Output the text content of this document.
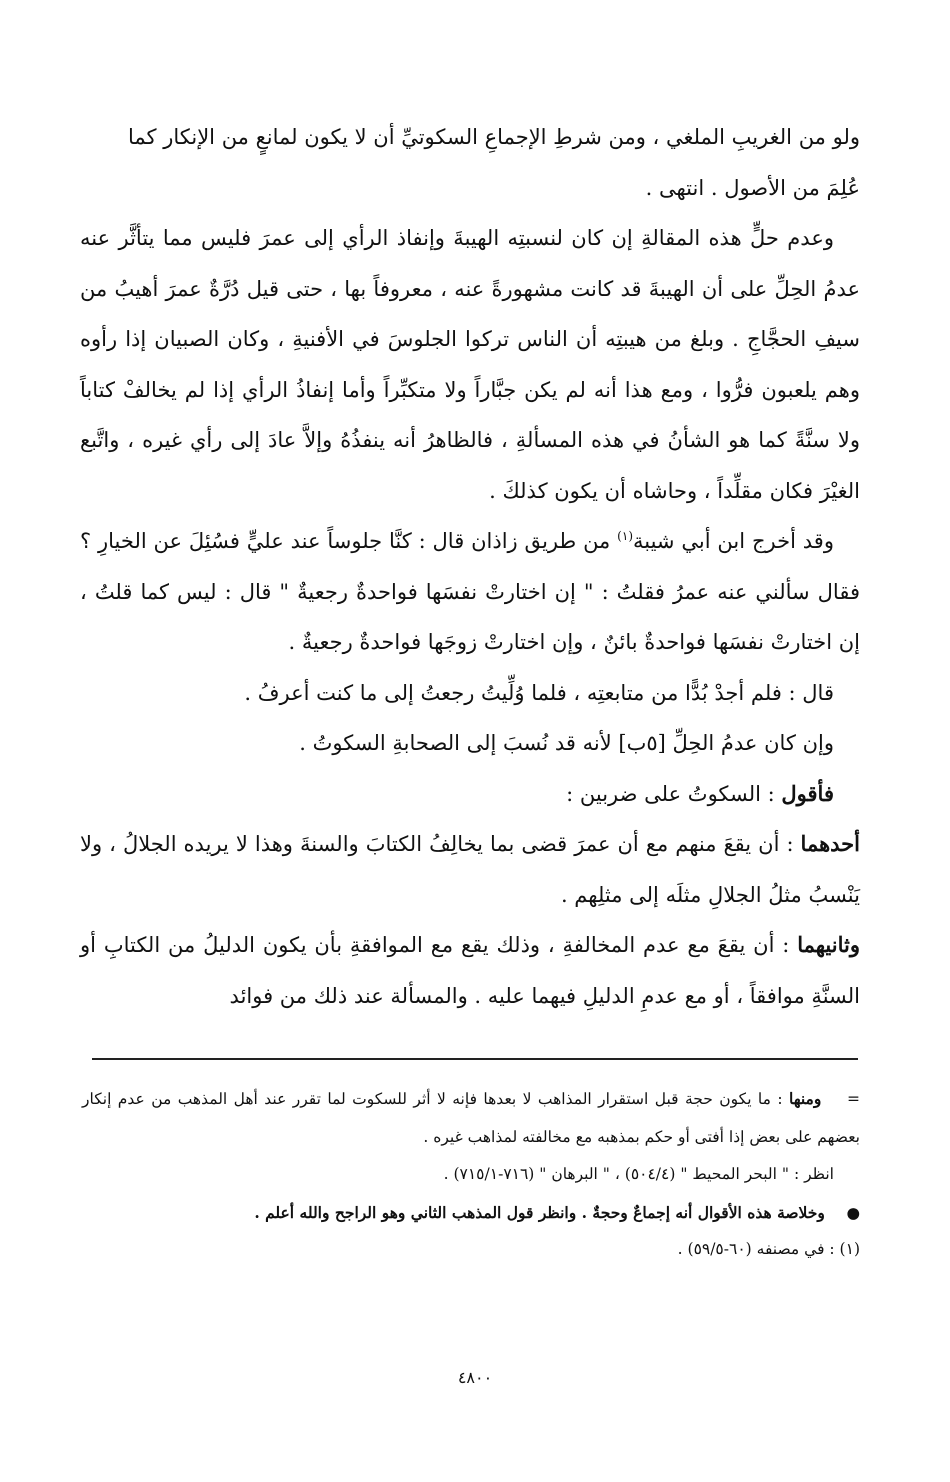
ولو من الغريبِ الملغي ، ومن شرطِ الإجماعِ السكوتيِّ أن لا يكون لمانعٍ من الإنكار كما
عُلِمَ من الأصول . انتهى .

وعدم حلٍّ هذه المقالةِ إن كان لنسبتِه الهيبةَ وإنفاذ الرأي إلى عمرَ فليس مما يتأثَّر عنه عدمُ الحِلِّ على أن الهيبةَ قد كانت مشهورةً عنه ، معروفاً بها ، حتى قيل دُرَّةٌ عمرَ أهيبُ من سيفِ الحجَّاجِ . وبلغ من هيبتِه أن الناس تركوا الجلوسَ في الأفنيةِ ، وكان الصبيان إذا رأوه وهم يلعبون فرُّوا ، ومع هذا أنه لم يكن جبَّاراً ولا متكبِّراً وأما إنفاذُ الرأي إذا لم يخالفْ كتاباً ولا سنَّةً كما هو الشأنُ في هذه المسألةِ ، فالظاهرُ أنه ينفذُهُ وإلاَّ عادَ إلى رأي غيره ، واتَّبع الغيْرَ فكان مقلِّداً ، وحاشاه أن يكون كذلكَ .

وقد أخرج ابن أبي شيبة$^{(١)}$ من طريق زاذان قال : كنَّا جلوساً عند عليٍّ فسُئِلَ عن الخيارِ ؟ فقال سألني عنه عمرُ فقلتُ : " إن اختارتْ نفسَها فواحدةٌ رجعيةٌ " قال : ليس كما قلتُ ، إن اختارتْ نفسَها فواحدةٌ بائنٌ ، وإن اختارتْ زوجَها فواحدةٌ رجعيةٌ .

قال : فلم أجدْ بُدًّا من متابعتِه ، فلما وُلِّيتُ رجعتُ إلى ما كنت أعرفُ .

وإن كان عدمُ الحِلِّ [٥ب] لأنه قد نُسبَ إلى الصحابةِ السكوتُ .

فأقول : السكوتُ على ضربين :

أحدهما : أن يقعَ منهم مع أن عمرَ قضى بما يخالِفُ الكتابَ والسنةَ وهذا لا يريده الجلالُ ، ولا يَنْسبُ مثلُ الجلالِ مثلَه إلى مثلِهم .

وثانيهما : أن يقعَ مع عدم المخالفةِ ، وذلك يقع مع الموافقةِ بأن يكون الدليلُ من الكتابِ أو السنَّةِ موافقاً ، أو مع عدمِ الدليلِ فيهما عليه . والمسألة عند ذلك من فوائد

=    ومنها : ما يكون حجة قبل استقرار المذاهب لا بعدها فإنه لا أثر للسكوت لما تقرر عند أهل المذهب من عدم إنكار بعضهم على بعض إذا أفتى أو حكم بمذهبه مع مخالفته لمذاهب غيره .

انظر : " البحر المحيط " (٥٠٤/٤) ، " البرهان " (٧١٦-٧١٥/١) .

●    وخلاصة هذه الأقوال أنه إجماعٌ وحجةٌ . وانظر قول المذهب الثاني وهو الراجح والله أعلم .

(١) : في مصنفه (٦٠-٥٩/٥) .

٤٨٠٠
